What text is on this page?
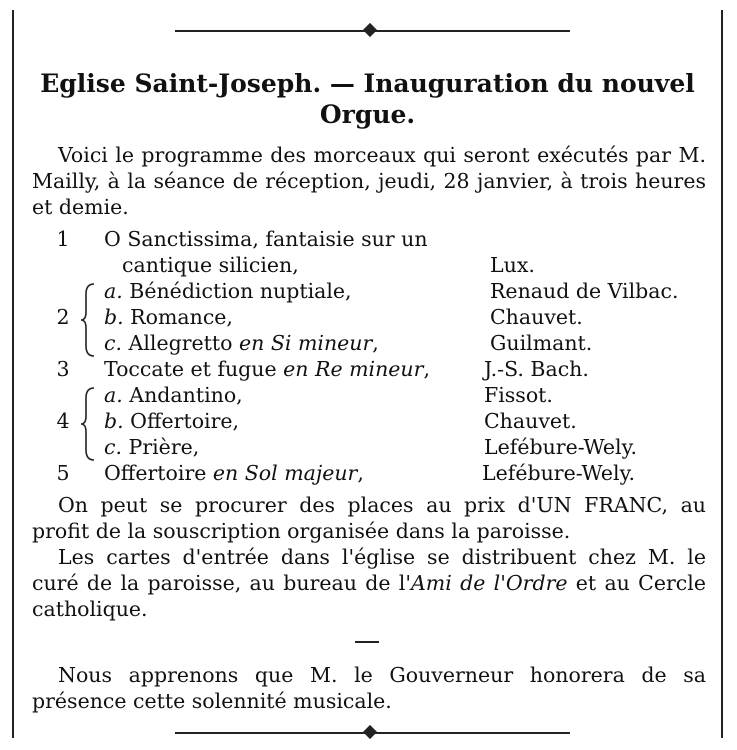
Eglise Saint-Joseph. — Inauguration du nouvel Orgue.
Voici le programme des morceaux qui seront exécutés par M. Mailly, à la séance de réception, jeudi, 28 janvier, à trois heures et demie.
1	O Sanctissima, fantaisie sur un
cantique silicien,	Lux.
2
a. Bénédiction nuptiale,	Renaud de Vilbac.
b. Romance,	Chauvet.
c. Allegretto en Si mineur,	Guilmant.
3	Toccate et fugue en Re mineur,	J.-S. Bach.
4
a. Andantino,	Fissot.
b. Offertoire,	Chauvet.
c. Prière,	Lefébure-Wely.
5	Offertoire en Sol majeur,	Lefébure-Wely.
On peut se procurer des places au prix d'UN FRANC, au profit de la souscription organisée dans la paroisse.
Les cartes d'entrée dans l'église se distribuent chez M. le curé de la paroisse, au bureau de l'Ami de l'Ordre et au Cercle catholique.
Nous apprenons que M. le Gouverneur honorera de sa présence cette solennité musicale.
